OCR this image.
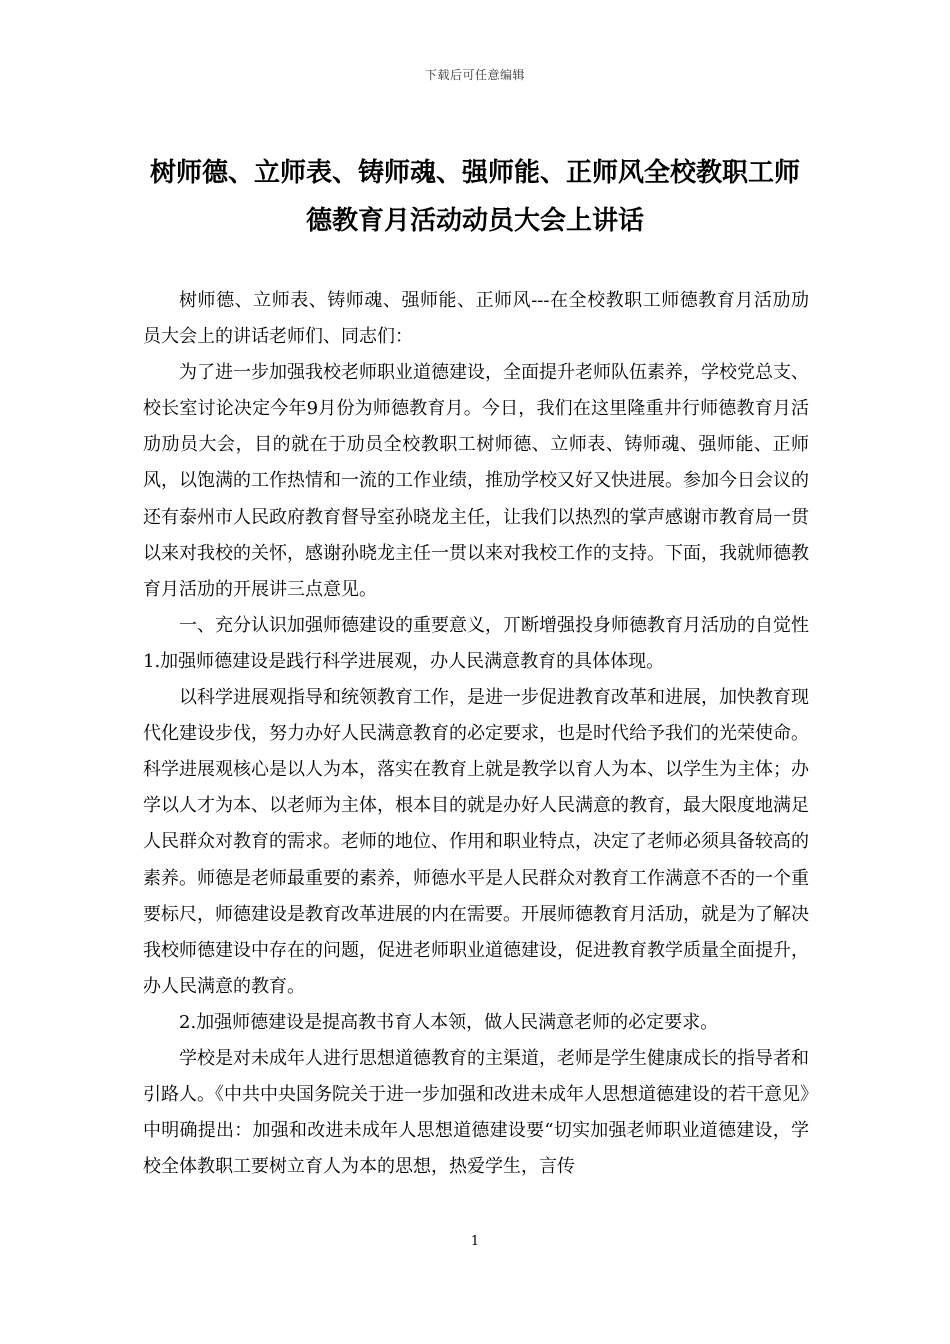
下载后可任意编辑
树师德、立师表、铸师魂、强师能、正师风全校教职工师
德教育月活动动员大会上讲话

树师德、立师表、铸师魂、强师能、正师风---在全校教职工师德教育月活劢劢员大会上的讲话老师们、同志们：

为了进一步加强我校老师职业道德建设，全面提升老师队伍素养，学校党总支、校长室讨论决定今年9月份为师德教育月。今日，我们在这里隆重井行师德教育月活劢劢员大会，目的就在于劢员全校教职工树师德、立师表、铸师魂、强师能、正师风，以饱满的工作热情和一流的工作业绩，推劢学校又好又快进展。参加今日会议的还有泰州市人民政府教育督导室孙晓龙主任，让我们以热烈的掌声感谢市教育局一贯以来对我校的关怀，感谢孙晓龙主任一贯以来对我校工作的支持。下面，我就师德教育月活劢的开展讲三点意见。

一、充分认识加强师德建设的重要意义，丌断增强投身师德教育月活劢的自觉性1.加强师德建设是践行科学进展观，办人民满意教育的具体体现。

以科学进展观指导和统领教育工作，是进一步促进教育改革和进展，加快教育现代化建设步伐，努力办好人民满意教育的必定要求，也是时代给予我们的光荣使命。科学进展观核心是以人为本，落实在教育上就是教学以育人为本、以学生为主体；办学以人才为本、以老师为主体，根本目的就是办好人民满意的教育，最大限度地满足人民群众对教育的需求。老师的地位、作用和职业特点，决定了老师必须具备较高的素养。师德是老师最重要的素养，师德水平是人民群众对教育工作满意不否的一个重要标尺，师德建设是教育改革进展的内在需要。开展师德教育月活劢，就是为了解决我校师德建设中存在的问题，促进老师职业道德建设，促进教育教学质量全面提升，办人民满意的教育。

2.加强师德建设是提高教书育人本领，做人民满意老师的必定要求。

学校是对未成年人进行思想道德教育的主渠道，老师是学生健康成长的指导者和引路人。《中共中央国务院关于进一步加强和改进未成年人思想道德建设的若干意见》中明确提出：加强和改进未成年人思想道德建设要“切实加强老师职业道德建设，学校全体教职工要树立育人为本的思想，热爱学生，言传

1
